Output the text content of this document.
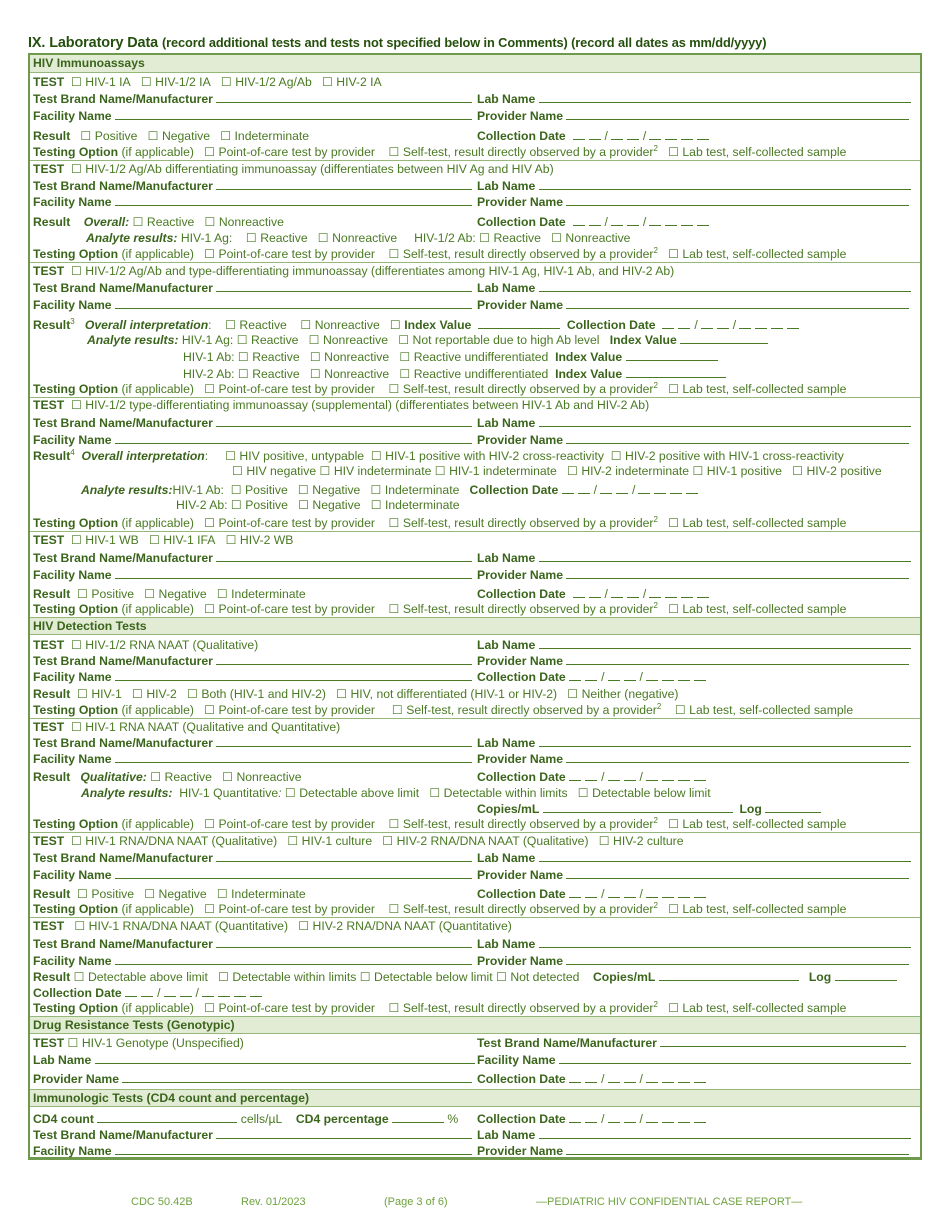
IX. Laboratory Data (record additional tests and tests not specified below in Comments) (record all dates as mm/dd/yyyy)
HIV Immunoassays
TEST ☐ HIV-1 IA ☐ HIV-1/2 IA ☐ HIV-1/2 Ag/Ab ☐ HIV-2 IA
Test Brand Name/Manufacturer	Lab Name
Facility Name	Provider Name
Result ☐ Positive ☐ Negative ☐ Indeterminate	Collection Date	/	/
Testing Option (if applicable) ☐ Point-of-care test by provider ☐ Self-test, result directly observed by a provider$^2$ ☐ Lab test, self-collected sample
TEST ☐ HIV-1/2 Ag/Ab differentiating immunoassay (differentiates between HIV Ag and HIV Ab)
Test Brand Name/Manufacturer	Lab Name
Facility Name	Provider Name
Result Overall: ☐ Reactive ☐ Nonreactive	Collection Date	/	/
Analyte results: HIV-1 Ag: ☐ Reactive ☐ Nonreactive HIV-1/2 Ab: ☐ Reactive ☐ Nonreactive
Testing Option (if applicable) ☐ Point-of-care test by provider ☐ Self-test, result directly observed by a provider$^2$ ☐ Lab test, self-collected sample
TEST ☐ HIV-1/2 Ag/Ab and type-differentiating immunoassay (differentiates among HIV-1 Ag, HIV-1 Ab, and HIV-2 Ab)
Test Brand Name/Manufacturer	Lab Name
Facility Name	Provider Name
Result$^3$ Overall interpretation:    ☐ Reactive ☐ Nonreactive ☐ Index Value	Collection Date	/	/
Analyte results: HIV-1 Ag: ☐ Reactive ☐ Nonreactive ☐ Not reportable due to high Ab level Index Value
HIV-1 Ab: ☐ Reactive ☐ Nonreactive ☐ Reactive undifferentiated Index Value
HIV-2 Ab: ☐ Reactive ☐ Nonreactive ☐ Reactive undifferentiated Index Value
Testing Option (if applicable) ☐ Point-of-care test by provider ☐ Self-test, result directly observed by a provider$^2$ ☐ Lab test, self-collected sample
TEST ☐ HIV-1/2 type-differentiating immunoassay (supplemental) (differentiates between HIV-1 Ab and HIV-2 Ab)
Test Brand Name/Manufacturer	Lab Name
Facility Name	Provider Name
Result$^4$ Overall interpretation:     ☐ HIV positive, untypable ☐ HIV-1 positive with HIV-2 cross-reactivity ☐ HIV-2 positive with HIV-1 cross-reactivity
☐ HIV negative ☐ HIV indeterminate ☐ HIV-1 indeterminate ☐ HIV-2 indeterminate ☐ HIV-1 positive ☐ HIV-2 positive
Analyte results:HIV-1 Ab: ☐ Positive ☐ Negative ☐ Indeterminate Collection Date	/	/
HIV-2 Ab: ☐ Positive ☐ Negative ☐ Indeterminate
Testing Option (if applicable) ☐ Point-of-care test by provider ☐ Self-test, result directly observed by a provider$^2$ ☐ Lab test, self-collected sample
TEST ☐ HIV-1 WB ☐ HIV-1 IFA ☐ HIV-2 WB
Test Brand Name/Manufacturer	Lab Name
Facility Name	Provider Name
Result ☐ Positive ☐ Negative ☐ Indeterminate	Collection Date	/	/
Testing Option (if applicable) ☐ Point-of-care test by provider ☐ Self-test, result directly observed by a provider$^2$ ☐ Lab test, self-collected sample
HIV Detection Tests
TEST ☐ HIV-1/2 RNA NAAT (Qualitative)	Lab Name
Test Brand Name/Manufacturer	Provider Name
Facility Name	Collection Date	/	/
Result ☐ HIV-1 ☐ HIV-2 ☐ Both (HIV-1 and HIV-2) ☐ HIV, not differentiated (HIV-1 or HIV-2) ☐ Neither (negative)
Testing Option (if applicable) ☐ Point-of-care test by provider ☐ Self-test, result directly observed by a provider$^2$ ☐ Lab test, self-collected sample
TEST ☐ HIV-1 RNA NAAT (Qualitative and Quantitative)
Test Brand Name/Manufacturer	Lab Name
Facility Name	Provider Name
Result Qualitative: ☐ Reactive ☐ Nonreactive	Collection Date	/	/
Analyte results: HIV-1 Quantitative: ☐ Detectable above limit ☐ Detectable within limits ☐ Detectable below limit
Copies/mL	Log
Testing Option (if applicable) ☐ Point-of-care test by provider ☐ Self-test, result directly observed by a provider$^2$ ☐ Lab test, self-collected sample
TEST ☐ HIV-1 RNA/DNA NAAT (Qualitative) ☐ HIV-1 culture ☐ HIV-2 RNA/DNA NAAT (Qualitative) ☐ HIV-2 culture
Test Brand Name/Manufacturer	Lab Name
Facility Name	Provider Name
Result ☐ Positive ☐ Negative ☐ Indeterminate	Collection Date	/	/
Testing Option (if applicable) ☐ Point-of-care test by provider ☐ Self-test, result directly observed by a provider$^2$ ☐ Lab test, self-collected sample
TEST ☐ HIV-1 RNA/DNA NAAT (Quantitative) ☐ HIV-2 RNA/DNA NAAT (Quantitative)
Test Brand Name/Manufacturer	Lab Name
Facility Name	Provider Name
Result ☐ Detectable above limit ☐ Detectable within limits ☐ Detectable below limit ☐ Not detected Copies/mL	Log
Collection Date	/	/
Testing Option (if applicable) ☐ Point-of-care test by provider ☐ Self-test, result directly observed by a provider$^2$ ☐ Lab test, self-collected sample
Drug Resistance Tests (Genotypic)
TEST ☐ HIV-1 Genotype (Unspecified)	Test Brand Name/Manufacturer
Lab Name	Facility Name
Provider Name	Collection Date	/	/
Immunologic Tests (CD4 count and percentage)
CD4 count	cells/µL CD4 percentage	% Collection Date	/	/
Test Brand Name/Manufacturer	Lab Name
Facility Name	Provider Name
CDC 50.42B	Rev. 01/2023	(Page 3 of 6)	—PEDIATRIC HIV CONFIDENTIAL CASE REPORT—
